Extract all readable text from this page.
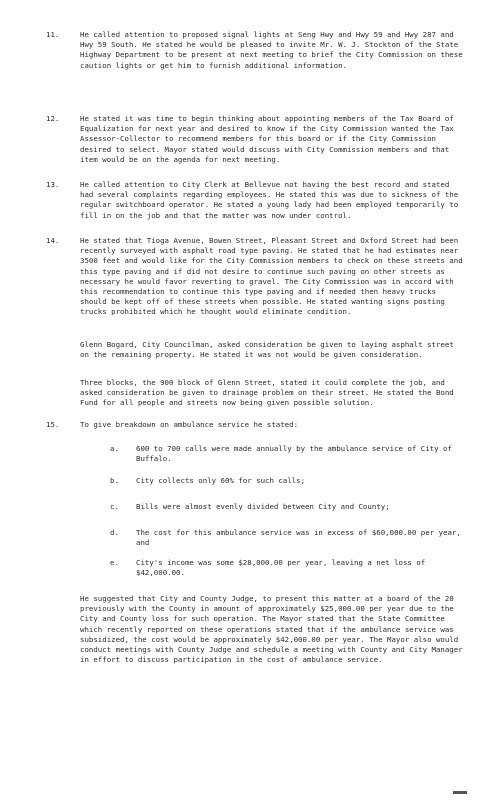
11.	He called attention to proposed signal lights at Seng Hwy and Hwy 59 and Hwy 287 and Hwy 59 South. He stated he would be pleased to invite Mr. W. J. Stockton of the State Highway Department to be present at next meeting to brief the City Commission on these caution lights or get him to furnish additional information.
12.	He stated it was time to begin thinking about appointing members of the Tax Board of Equalization for next year and desired to know if the City Commission wanted the Tax Assessor-Collector to recommend members for this board or if the City Commission desired to select. Mayor stated would discuss with City Commission members and that item would be on the agenda for next meeting.
13.	He called attention to City Clerk at Bellevue not having the best record and stated had several complaints regarding employees. He stated this was due to sickness of the regular switchboard operator. He stated a young lady had been employed temporarily to fill in on the job and that the matter was now under control.
14.	He stated that Tioga Avenue, Bowen Street, Pleasant Street and Oxford Street had been recently surveyed with asphalt road type paving. He stated that he had estimates near 3500 feet and would like for the City Commission members to check on these streets and this type paving and if did not desire to continue such paving on other streets as necessary he would favor reverting to gravel. The City Commission was in accord with this recommendation to continue this type paving and if needed then heavy trucks should be kept off of these streets when possible. He stated wanting signs posting trucks prohibited which he thought would eliminate condition.
Glenn Bogard, City Councilman, asked consideration be given to laying asphalt street on the remaining property. He stated it was not would be given consideration.
Three blocks, the 900 block of Glenn Street, stated it could complete the job, and asked consideration be given to drainage problem on their street. He stated the Bond Fund for all people and streets now being given possible solution.
15.	To give breakdown on ambulance service he stated:
a.	600 to 700 calls were made annually by the ambulance service of City of Buffalo.
b.	City collects only 60% for such calls;
c.	Bills were almost evenly divided between City and County;
d.	The cost for this ambulance service was in excess of $60,000.00 per year, and
e.	City's income was some $28,000.00 per year, leaving a net loss of $42,000.00.
He suggested that City and County Judge, to present this matter at a board of the 20 previously with the County in amount of approximately $25,000.00 per year due to the City and County loss for such operation. The Mayor stated that the State Committee which recently reported on these operations stated that if the ambulance service was subsidized, the cost would be approximately $42,000.00 per year. The Mayor also would conduct meetings with County Judge and schedule a meeting with County and City Manager in effort to discuss participation in the cost of ambulance service.
